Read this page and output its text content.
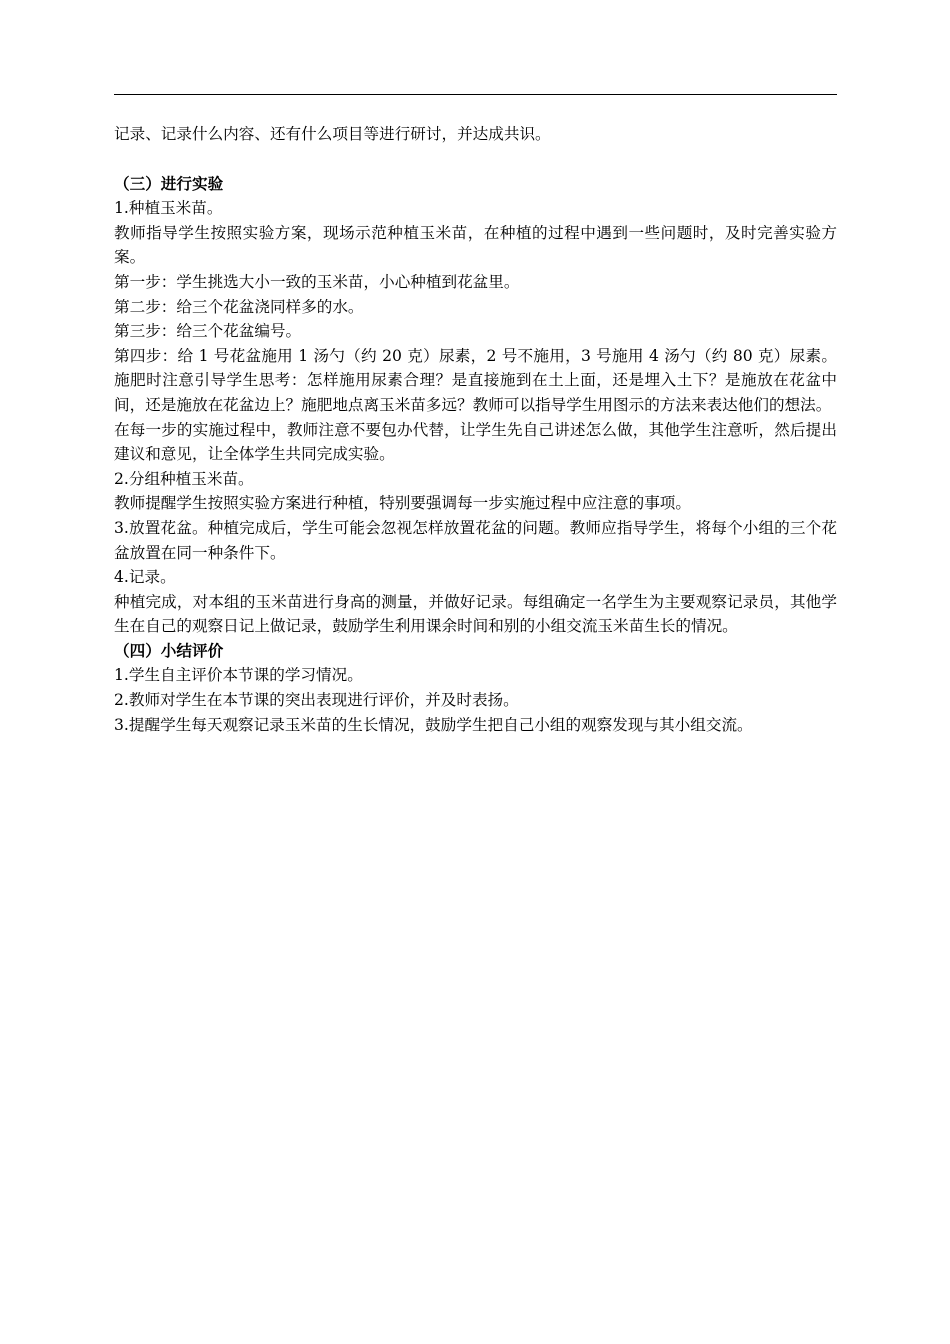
记录、记录什么内容、还有什么项目等进行研讨，并达成共识。

（三）进行实验

1.种植玉米苗。

教师指导学生按照实验方案，现场示范种植玉米苗，在种植的过程中遇到一些问题时，及时完善实验方案。

第一步：学生挑选大小一致的玉米苗，小心种植到花盆里。

第二步：给三个花盆浇同样多的水。

第三步：给三个花盆编号。

第四步：给 1 号花盆施用 1 汤勺（约 20 克）尿素，2 号不施用，3 号施用 4 汤勺（约 80 克）尿素。施肥时注意引导学生思考：怎样施用尿素合理？是直接施到在土上面，还是埋入土下？是施放在花盆中间，还是施放在花盆边上？施肥地点离玉米苗多远？教师可以指导学生用图示的方法来表达他们的想法。

在每一步的实施过程中，教师注意不要包办代替，让学生先自己讲述怎么做，其他学生注意听，然后提出建议和意见，让全体学生共同完成实验。

2.分组种植玉米苗。

教师提醒学生按照实验方案进行种植，特别要强调每一步实施过程中应注意的事项。

3.放置花盆。种植完成后，学生可能会忽视怎样放置花盆的问题。教师应指导学生，将每个小组的三个花盆放置在同一种条件下。

4.记录。

种植完成，对本组的玉米苗进行身高的测量，并做好记录。每组确定一名学生为主要观察记录员，其他学生在自己的观察日记上做记录，鼓励学生利用课余时间和别的小组交流玉米苗生长的情况。

（四）小结评价

1.学生自主评价本节课的学习情况。

2.教师对学生在本节课的突出表现进行评价，并及时表扬。

3.提醒学生每天观察记录玉米苗的生长情况，鼓励学生把自己小组的观察发现与其小组交流。
